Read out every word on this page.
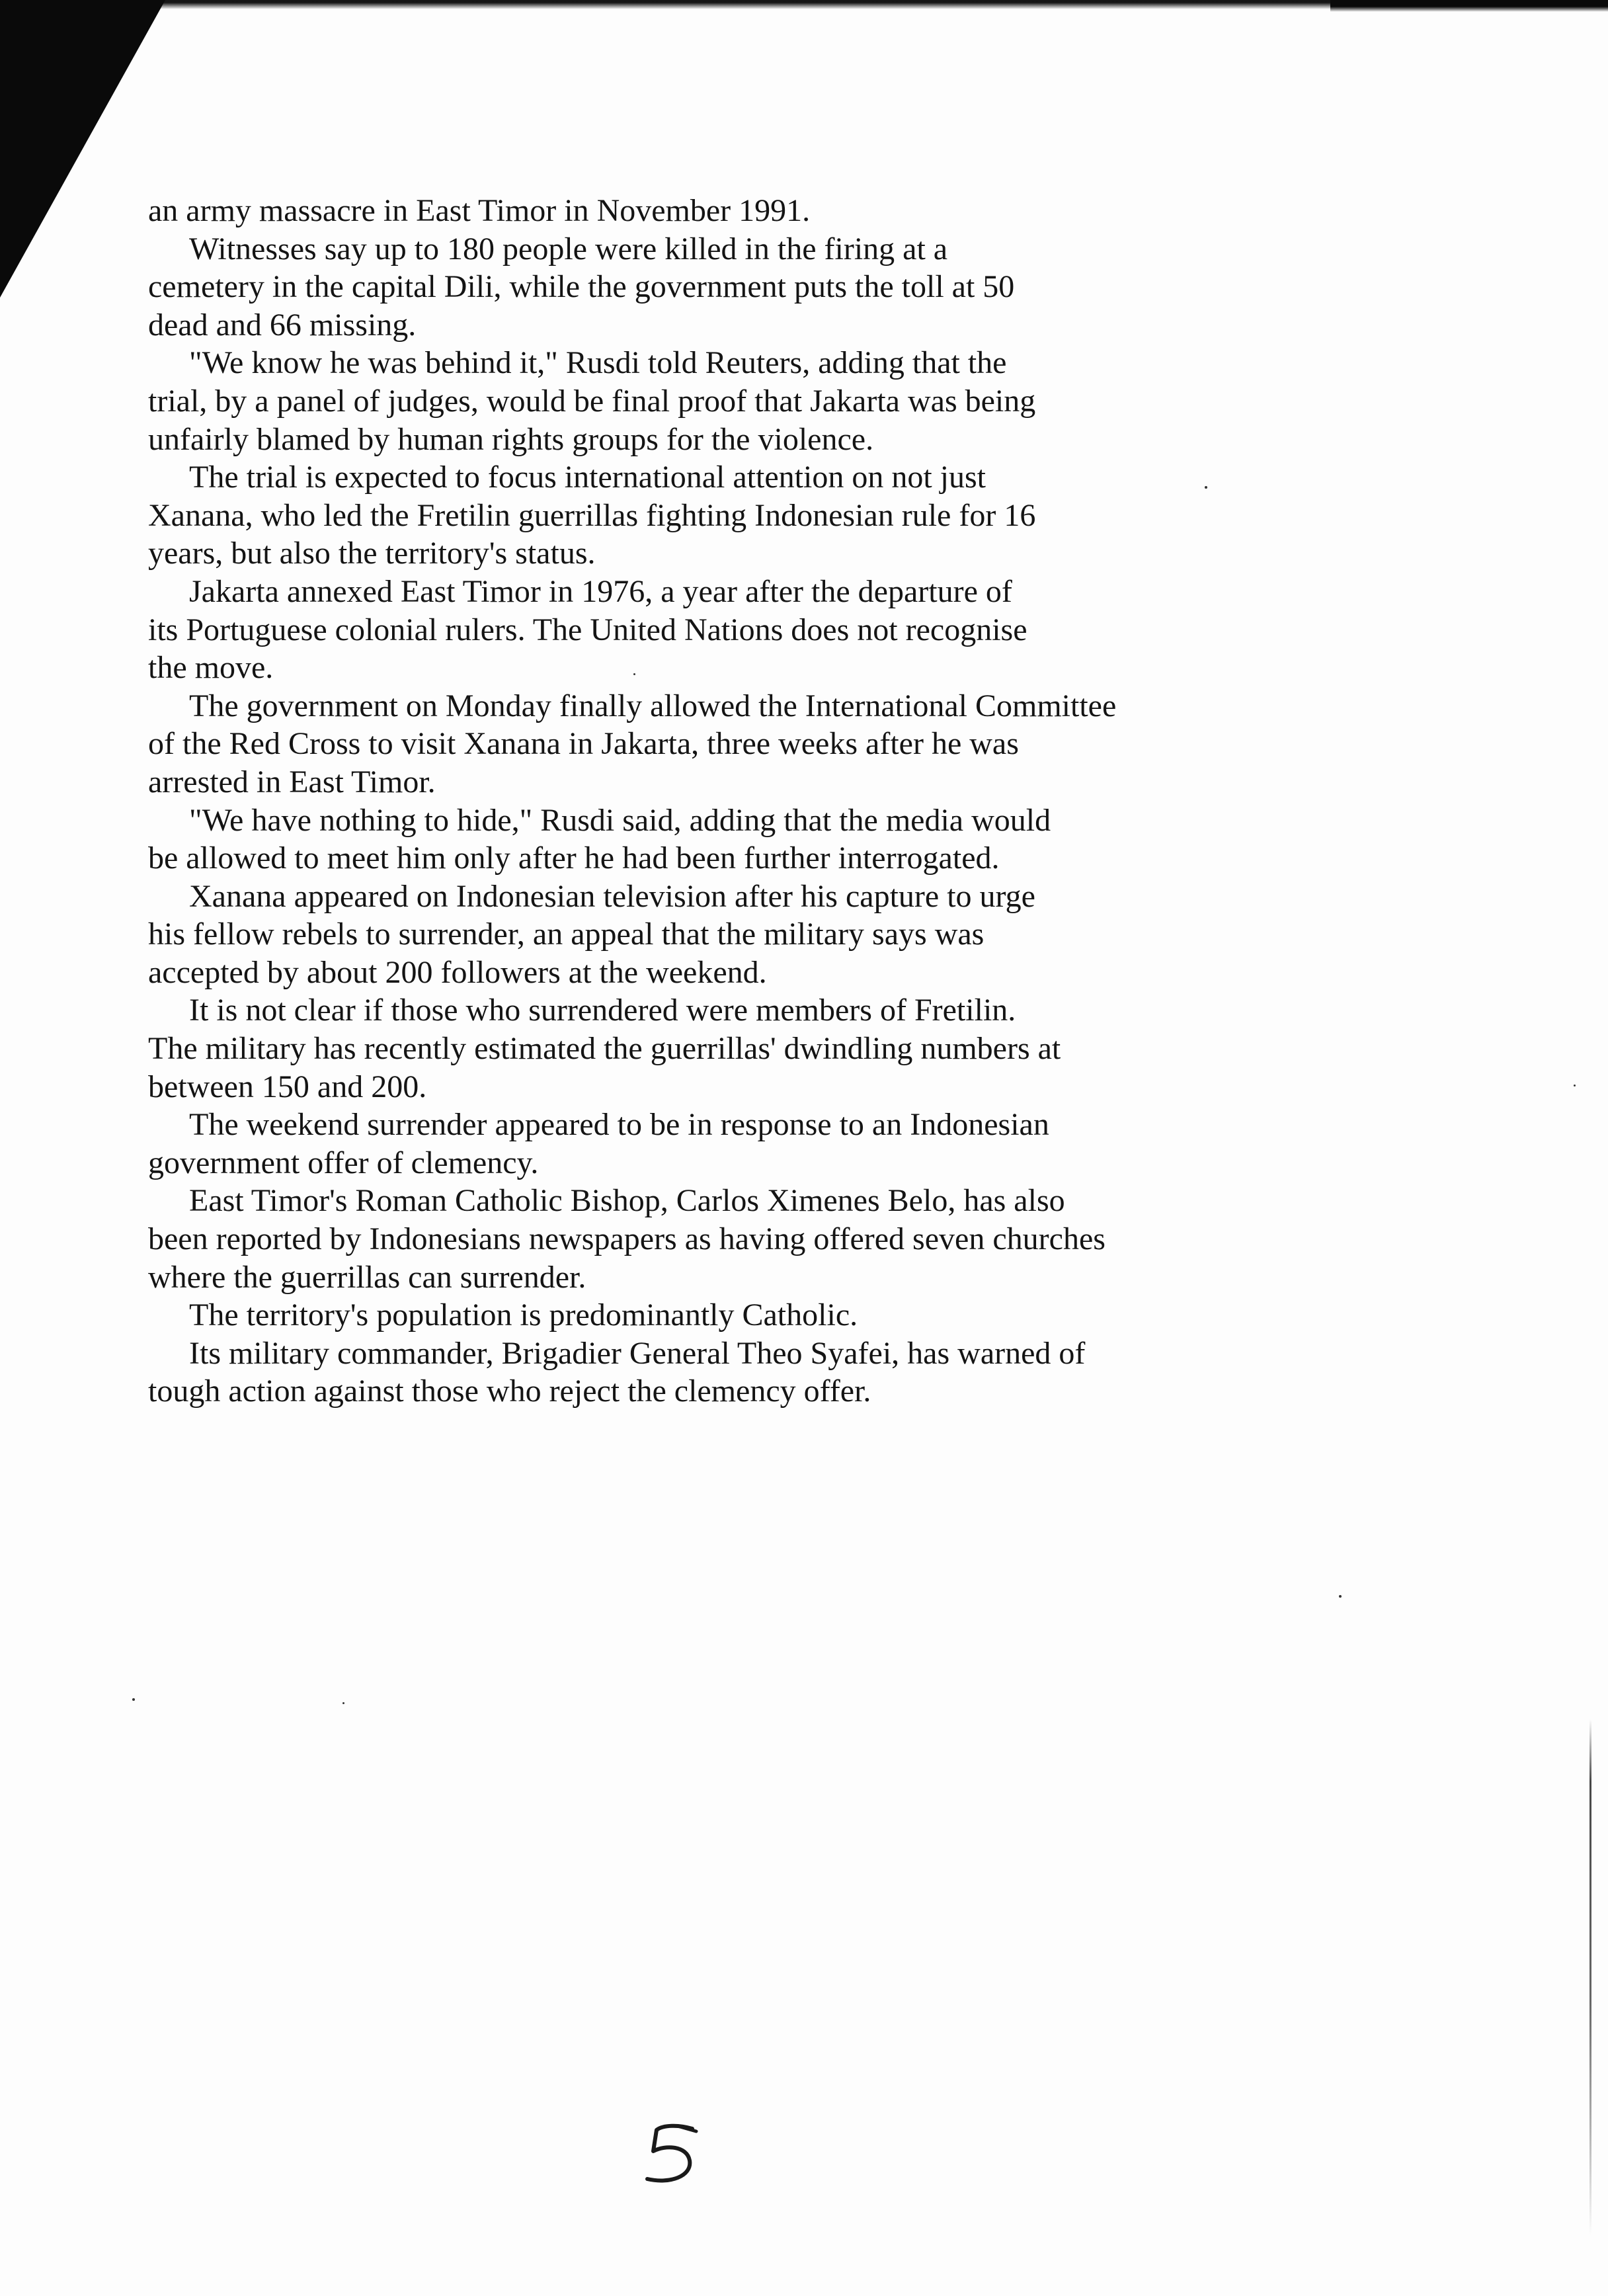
an army massacre in East Timor in November 1991.

Witnesses say up to 180 people were killed in the firing at a
cemetery in the capital Dili, while the government puts the toll at 50
dead and 66 missing.

"We know he was behind it," Rusdi told Reuters, adding that the
trial, by a panel of judges, would be final proof that Jakarta was being
unfairly blamed by human rights groups for the violence.

The trial is expected to focus international attention on not just
Xanana, who led the Fretilin guerrillas fighting Indonesian rule for 16
years, but also the territory's status.

Jakarta annexed East Timor in 1976, a year after the departure of
its Portuguese colonial rulers. The United Nations does not recognise
the move.

The government on Monday finally allowed the International Committee
of the Red Cross to visit Xanana in Jakarta, three weeks after he was
arrested in East Timor.

"We have nothing to hide," Rusdi said, adding that the media would
be allowed to meet him only after he had been further interrogated.

Xanana appeared on Indonesian television after his capture to urge
his fellow rebels to surrender, an appeal that the military says was
accepted by about 200 followers at the weekend.

It is not clear if those who surrendered were members of Fretilin.
The military has recently estimated the guerrillas' dwindling numbers at
between 150 and 200.

The weekend surrender appeared to be in response to an Indonesian
government offer of clemency.

East Timor's Roman Catholic Bishop, Carlos Ximenes Belo, has also
been reported by Indonesians newspapers as having offered seven churches
where the guerrillas can surrender.

The territory's population is predominantly Catholic.

Its military commander, Brigadier General Theo Syafei, has warned of
tough action against those who reject the clemency offer.
